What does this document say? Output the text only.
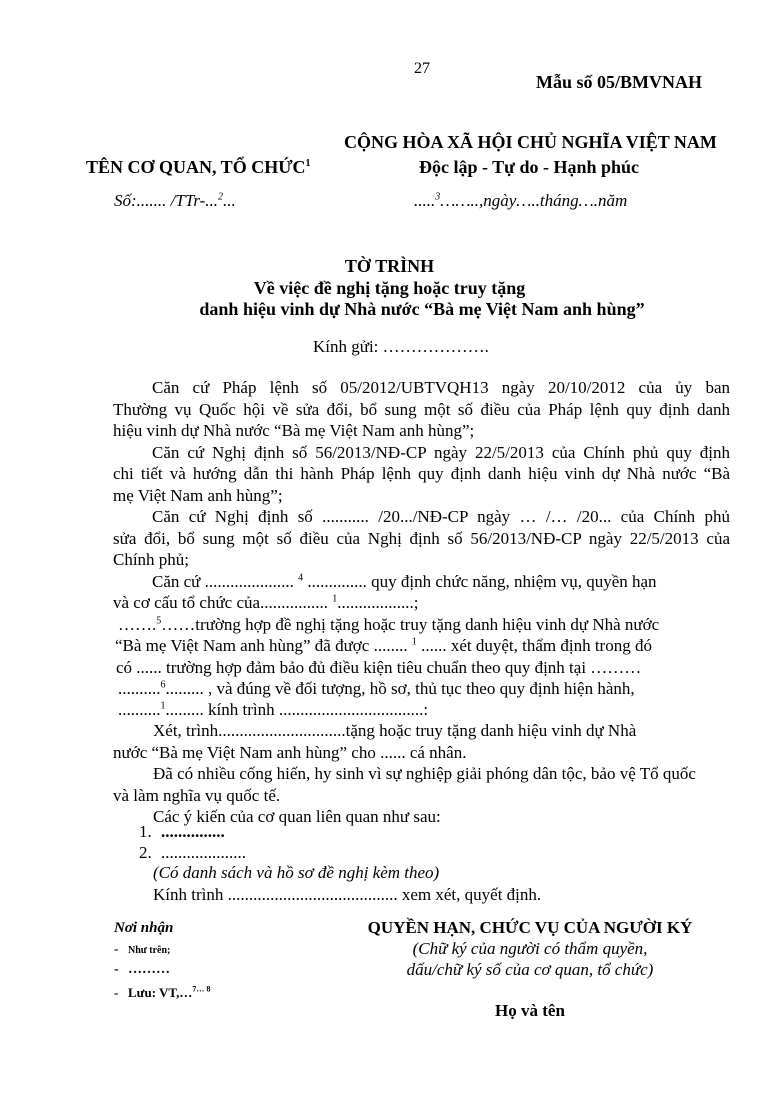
27
Mẫu số 05/BMVNAH
CỘNG HÒA XÃ HỘI CHỦ NGHĨA VIỆT NAM
TÊN CƠ QUAN, TỔ CHỨC$^1$	Độc lập - Tự do - Hạnh phúc
Số:....... /TTr-...$^2$...	.....$^3$……..,ngày…..tháng….năm
TỜ TRÌNH
Về việc đề nghị tặng hoặc truy tặng
danh hiệu vinh dự Nhà nước “Bà mẹ Việt Nam anh hùng”
Kính gửi: ……………….
Căn cứ Pháp lệnh số 05/2012/UBTVQH13 ngày 20/10/2012 của ủy ban
Thường vụ Quốc hội về sửa đổi, bổ sung một số điều của Pháp lệnh quy định danh
hiệu vinh dự Nhà nước “Bà mẹ Việt Nam anh hùng”;
Căn cứ Nghị định số 56/2013/NĐ-CP ngày 22/5/2013 của Chính phủ quy định
chi tiết và hướng dẫn thi hành Pháp lệnh quy định danh hiệu vinh dự Nhà nước “Bà
mẹ Việt Nam anh hùng”;
Căn cứ Nghị định số ........... /20.../NĐ-CP ngày … /… /20... của Chính phủ
sửa đổi, bổ sung một số điều của Nghị định số 56/2013/NĐ-CP ngày 22/5/2013 của
Chính phủ;
Căn cứ ..................... $^4$ .............. quy định chức năng, nhiệm vụ, quyền hạn
và cơ cấu tổ chức của................ $^1$..................;
…….$^5$……trường hợp đề nghị tặng hoặc truy tặng danh hiệu vinh dự Nhà nước
“Bà mẹ Việt Nam anh hùng” đã được ........ $^1$ ...... xét duyệt, thẩm định trong đó
có ...... trường hợp đảm bảo đủ điều kiện tiêu chuẩn theo quy định tại ………
..........$^6$......... , và đúng về đối tượng, hồ sơ, thủ tục theo quy định hiện hành,
..........$^1$......... kính trình ..................................:
Xét, trình..............................tặng hoặc truy tặng danh hiệu vinh dự Nhà
nước “Bà mẹ Việt Nam anh hùng” cho ...... cá nhân.
Đã có nhiều cống hiến, hy sinh vì sự nghiệp giải phóng dân tộc, bảo vệ Tổ quốc
và làm nghĩa vụ quốc tế.
Các ý kiến của cơ quan liên quan như sau:
1. ...............
2. ....................
(Có danh sách và hồ sơ đề nghị kèm theo)
Kính trình ........................................ xem xét, quyết định.
Nơi nhận
- Như trên;
- ………
- Lưu: VT,…$^{7\dots 8}$
QUYỀN HẠN, CHỨC VỤ CỦA NGƯỜI KÝ
(Chữ ký của người có thẩm quyền,
dấu/chữ ký số của cơ quan, tổ chức)
Họ và tên
